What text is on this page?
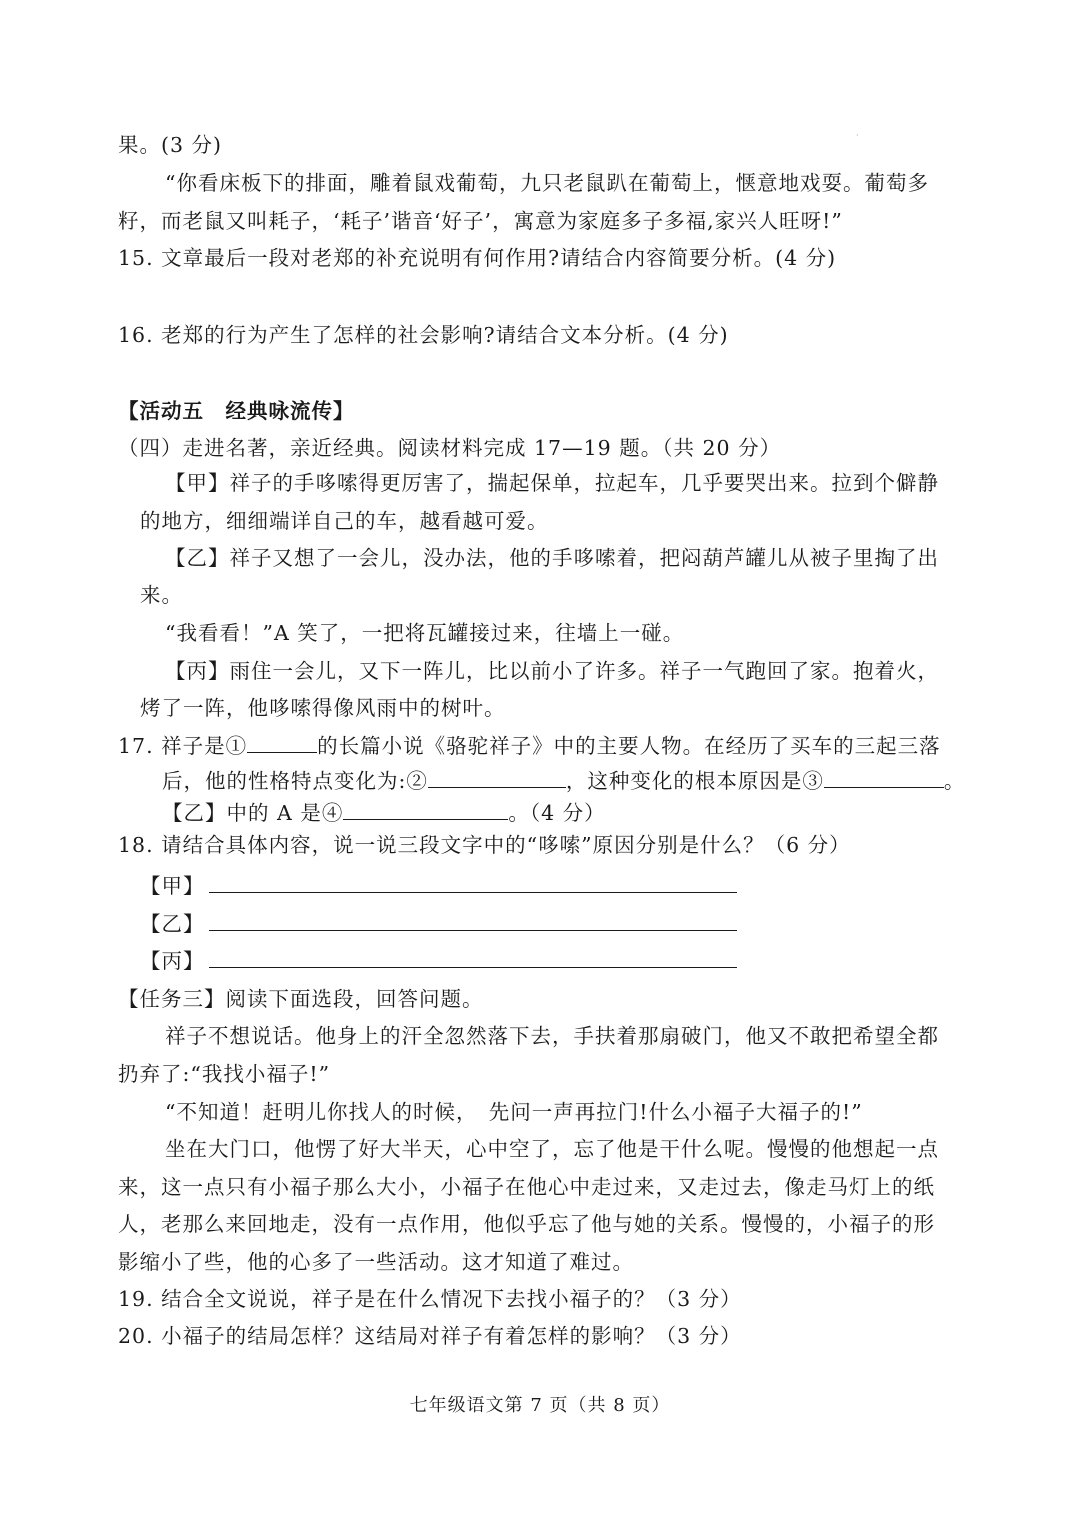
·
果。(3 分)
“你看床板下的排面，雕着鼠戏葡萄，九只老鼠趴在葡萄上，惬意地戏耍。葡萄多
籽，而老鼠又叫耗子，‘耗子’谐音‘好子’，寓意为家庭多子多福,家兴人旺呀!”
15. 文章最后一段对老郑的补充说明有何作用?请结合内容简要分析。(4 分)
16. 老郑的行为产生了怎样的社会影响?请结合文本分析。(4 分)
【活动五　经典咏流传】
（四）走进名著，亲近经典。阅读材料完成 17—19 题。（共 20 分）
【甲】祥子的手哆嗦得更厉害了，揣起保单，拉起车，几乎要哭出来。拉到个僻静
的地方，细细端详自己的车，越看越可爱。
【乙】祥子又想了一会儿，没办法，他的手哆嗦着，把闷葫芦罐儿从被子里掏了出
来。
“我看看！”A 笑了，一把将瓦罐接过来，往墙上一碰。
【丙】雨住一会儿，又下一阵儿，比以前小了许多。祥子一气跑回了家。抱着火，
烤了一阵，他哆嗦得像风雨中的树叶。
17. 祥子是①	的长篇小说《骆驼祥子》中的主要人物。在经历了买车的三起三落
后，他的性格特点变化为:②	，这种变化的根本原因是③	。
【乙】中的 A 是④	。（4 分）
18. 请结合具体内容，说一说三段文字中的“哆嗦”原因分别是什么？（6 分）
【甲】
【乙】
【丙】
【任务三】阅读下面选段，回答问题。
祥子不想说话。他身上的汗全忽然落下去，手扶着那扇破门，他又不敢把希望全都
扔弃了:“我找小福子!”
“不知道！赶明儿你找人的时候，　先问一声再拉门!什么小福子大福子的!”
坐在大门口，他愣了好大半天，心中空了，忘了他是干什么呢。慢慢的他想起一点
来，这一点只有小福子那么大小，小福子在他心中走过来，又走过去，像走马灯上的纸
人，老那么来回地走，没有一点作用，他似乎忘了他与她的关系。慢慢的，小福子的形
影缩小了些，他的心多了一些活动。这才知道了难过。
19. 结合全文说说，祥子是在什么情况下去找小福子的？（3 分）
20. 小福子的结局怎样？这结局对祥子有着怎样的影响？（3 分）
七年级语文第 7 页（共 8 页）
